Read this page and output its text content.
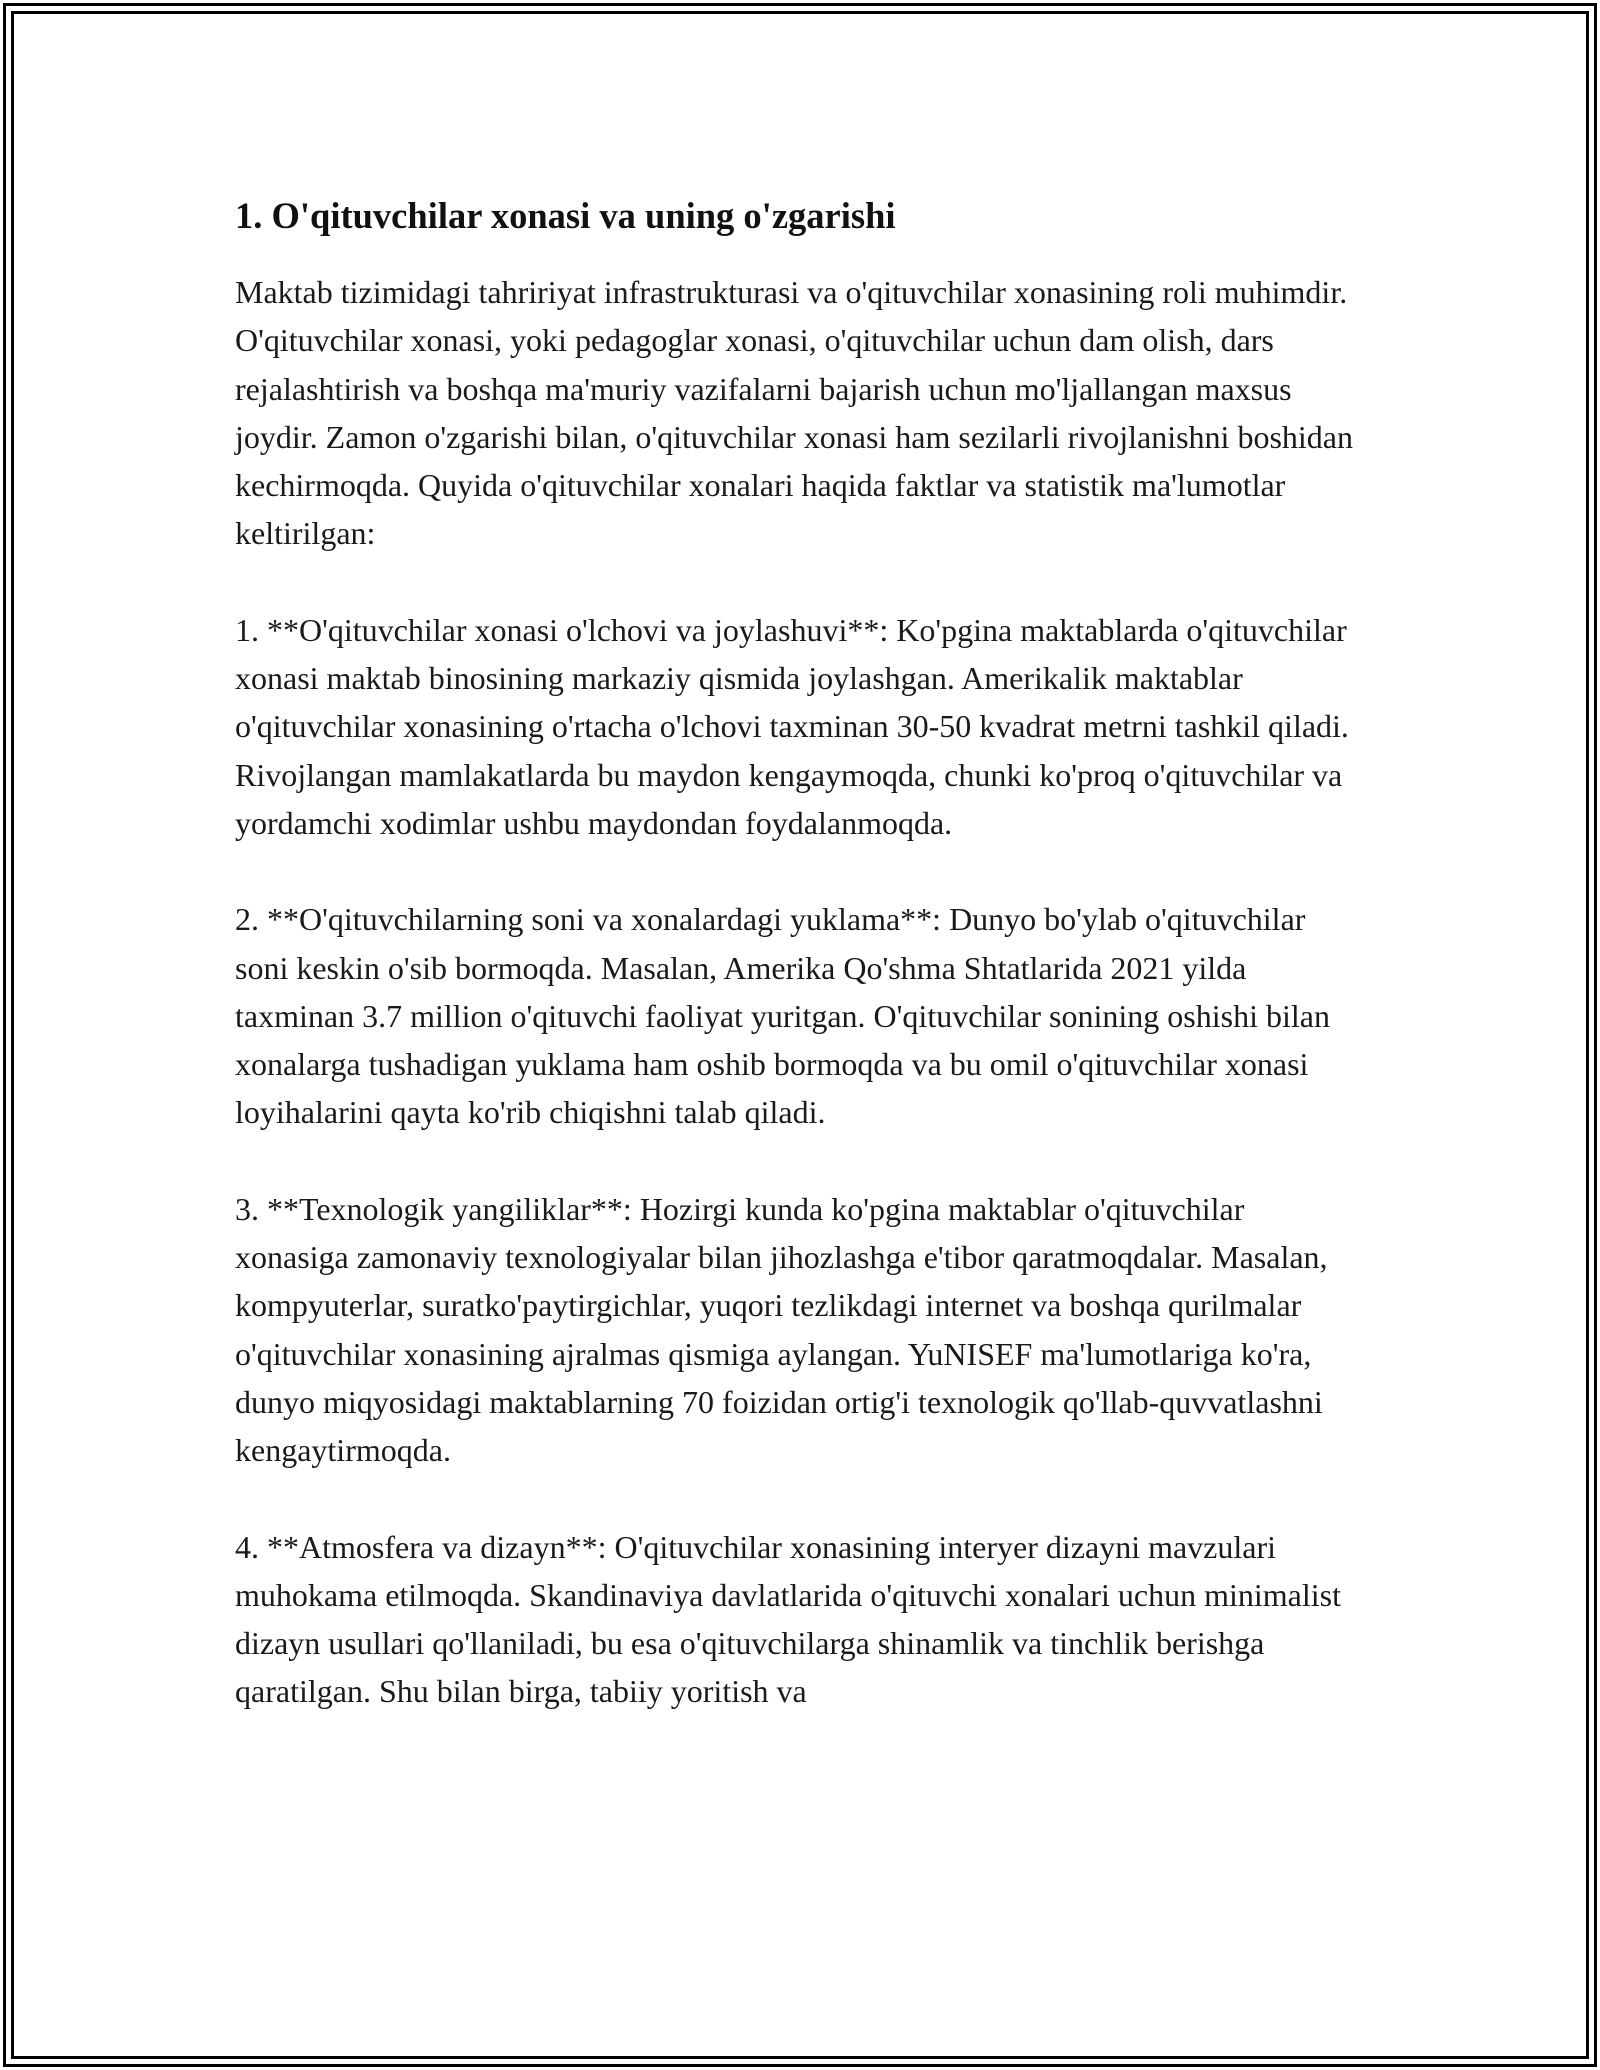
1. O'qituvchilar xonasi va uning o'zgarishi

Maktab tizimidagi tahririyat infrastrukturasi va o'qituvchilar xonasining roli muhimdir. O'qituvchilar xonasi, yoki pedagoglar xonasi, o'qituvchilar uchun dam olish, dars rejalashtirish va boshqa ma'muriy vazifalarni bajarish uchun mo'ljallangan maxsus joydir. Zamon o'zgarishi bilan, o'qituvchilar xonasi ham sezilarli rivojlanishni boshidan kechirmoqda. Quyida o'qituvchilar xonalari haqida faktlar va statistik ma'lumotlar keltirilgan:

1. **O'qituvchilar xonasi o'lchovi va joylashuvi**: Ko'pgina maktablarda o'qituvchilar xonasi maktab binosining markaziy qismida joylashgan. Amerikalik maktablar o'qituvchilar xonasining o'rtacha o'lchovi taxminan 30-50 kvadrat metrni tashkil qiladi. Rivojlangan mamlakatlarda bu maydon kengaymoqda, chunki ko'proq o'qituvchilar va yordamchi xodimlar ushbu maydondan foydalanmoqda.

2. **O'qituvchilarning soni va xonalardagi yuklama**: Dunyo bo'ylab o'qituvchilar soni keskin o'sib bormoqda. Masalan, Amerika Qo'shma Shtatlarida 2021 yilda taxminan 3.7 million o'qituvchi faoliyat yuritgan. O'qituvchilar sonining oshishi bilan xonalarga tushadigan yuklama ham oshib bormoqda va bu omil o'qituvchilar xonasi loyihalarini qayta ko'rib chiqishni talab qiladi.

3. **Texnologik yangiliklar**: Hozirgi kunda ko'pgina maktablar o'qituvchilar xonasiga zamonaviy texnologiyalar bilan jihozlashga e'tibor qaratmoqdalar. Masalan, kompyuterlar, suratko'paytirgichlar, yuqori tezlikdagi internet va boshqa qurilmalar o'qituvchilar xonasining ajralmas qismiga aylangan. YuNISEF ma'lumotlariga ko'ra, dunyo miqyosidagi maktablarning 70 foizidan ortig'i texnologik qo'llab-quvvatlashni kengaytirmoqda.

4. **Atmosfera va dizayn**: O'qituvchilar xonasining interyer dizayni mavzulari muhokama etilmoqda. Skandinaviya davlatlarida o'qituvchi xonalari uchun minimalist dizayn usullari qo'llaniladi, bu esa o'qituvchilarga shinamlik va tinchlik berishga qaratilgan. Shu bilan birga, tabiiy yoritish va
